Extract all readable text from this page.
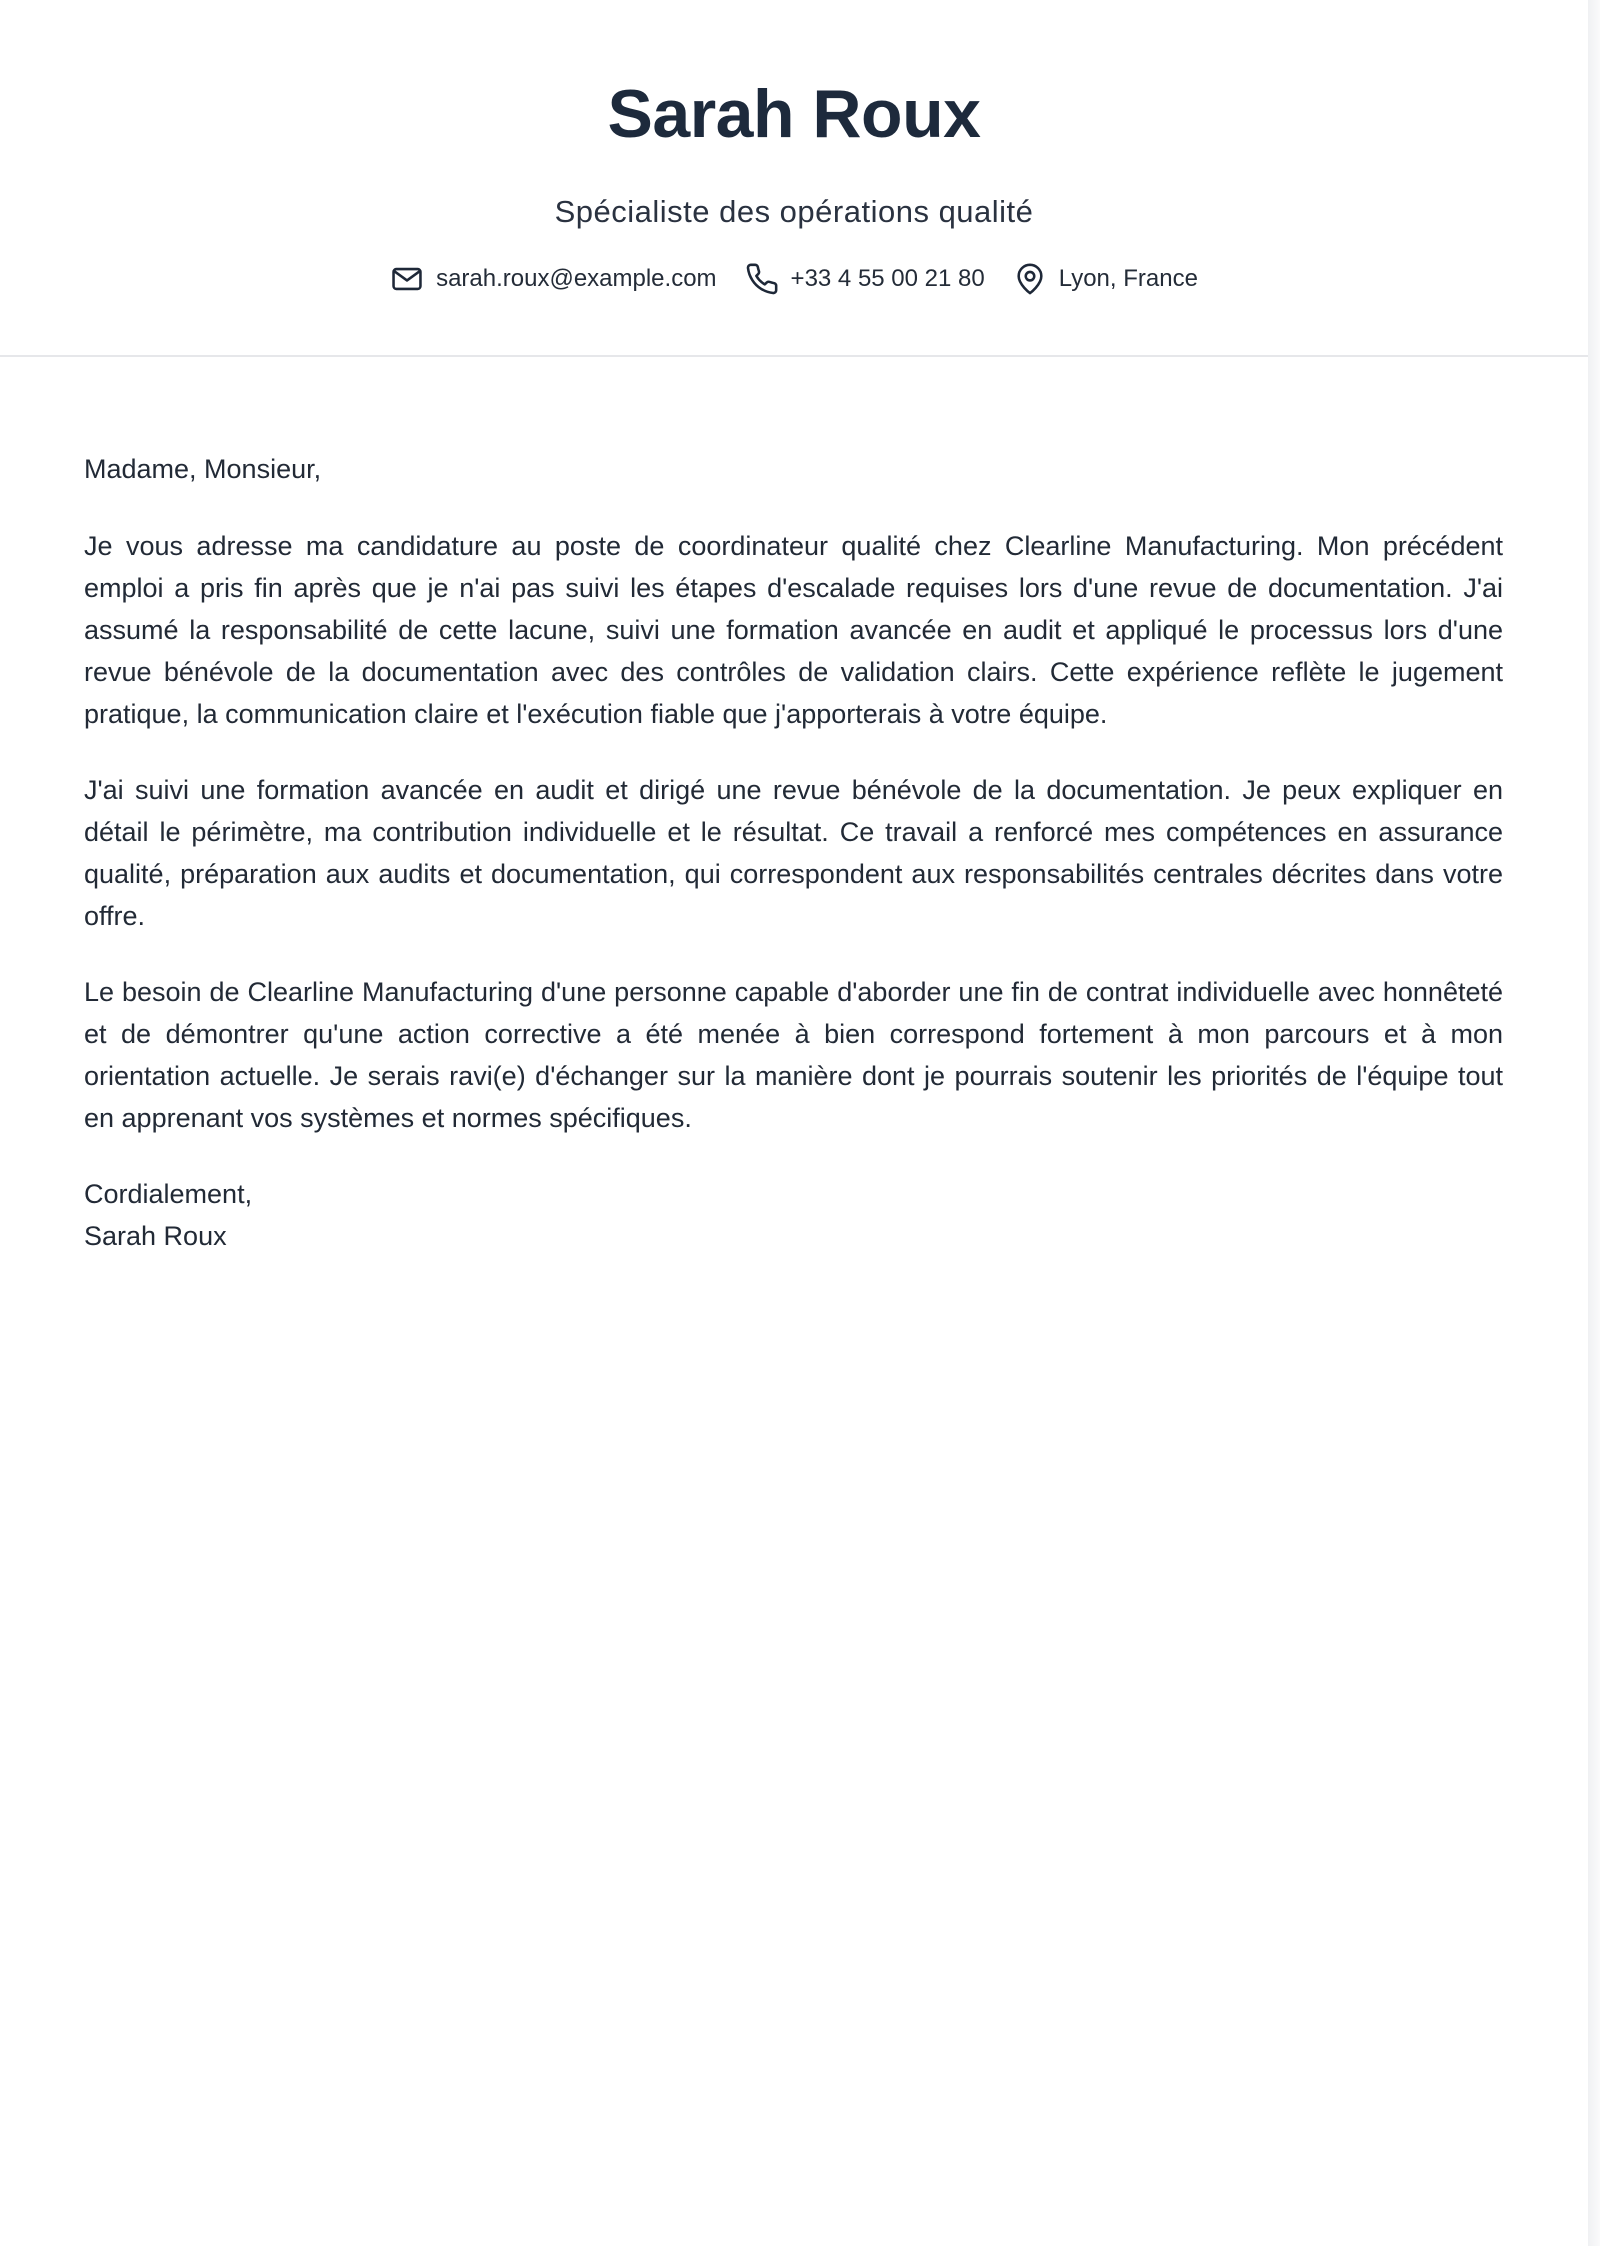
Sarah Roux
Spécialiste des opérations qualité
sarah.roux@example.com	+33 4 55 00 21 80	Lyon, France

Madame, Monsieur,

Je vous adresse ma candidature au poste de coordinateur qualité chez Clearline Manufacturing. Mon précédent emploi a pris fin après que je n'ai pas suivi les étapes d'escalade requises lors d'une revue de documentation. J'ai assumé la responsabilité de cette lacune, suivi une formation avancée en audit et appliqué le processus lors d'une revue bénévole de la documentation avec des contrôles de validation clairs. Cette expérience reflète le jugement pratique, la communication claire et l'exécution fiable que j'apporterais à votre équipe.

J'ai suivi une formation avancée en audit et dirigé une revue bénévole de la documentation. Je peux expliquer en détail le périmètre, ma contribution individuelle et le résultat. Ce travail a renforcé mes compétences en assurance qualité, préparation aux audits et documentation, qui correspondent aux responsabilités centrales décrites dans votre offre.

Le besoin de Clearline Manufacturing d'une personne capable d'aborder une fin de contrat individuelle avec honnêteté et de démontrer qu'une action corrective a été menée à bien correspond fortement à mon parcours et à mon orientation actuelle. Je serais ravi(e) d'échanger sur la manière dont je pourrais soutenir les priorités de l'équipe tout en apprenant vos systèmes et normes spécifiques.

Cordialement,
Sarah Roux
